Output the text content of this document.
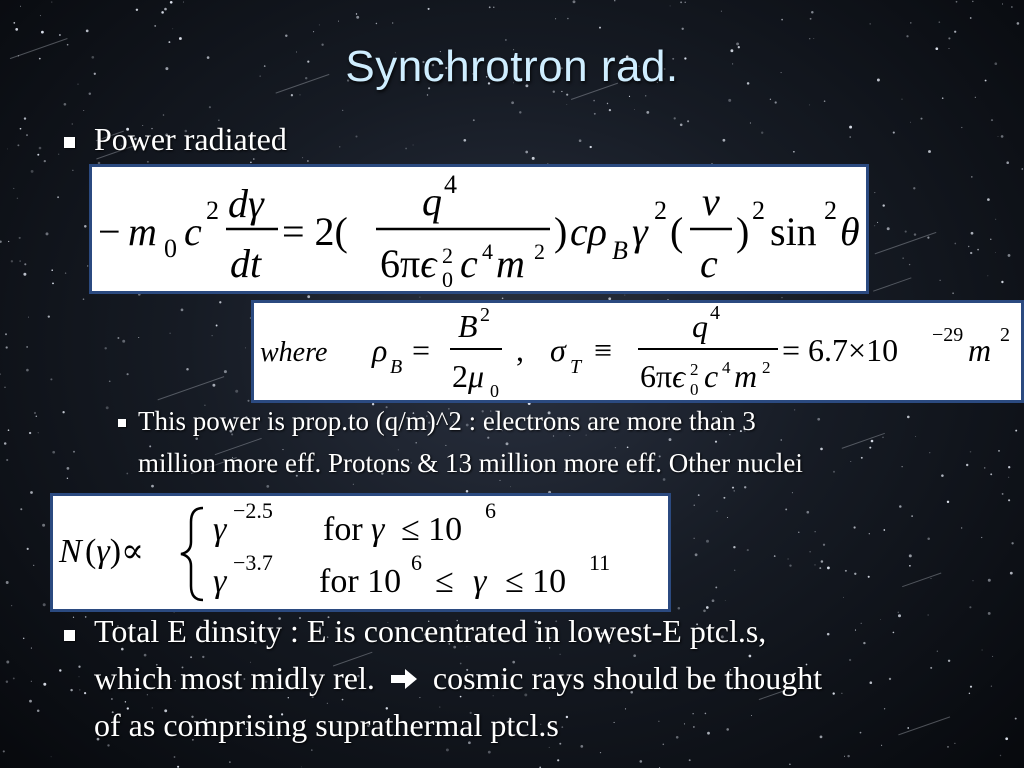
Synchrotron rad.
Power radiated
− m 0 c 2 dγ
dt
= 2(
q 4
6πϵ 2
0 c 4 m 2 ) cρ B γ 2 (
v
c
) 2 sin 2 θ
where ρ B =
B 2
2μ 0
, σ T ≡
q 4
6πϵ 2
0 c 4 m 2 = 6.7×10 −29 m 2
This power is prop.to (q/m)^2 : electrons are more than 3
million more eff. Protons & 13 million more eff. Other nuclei
N (γ)∝
γ
−2.5
for γ ≤ 10
6
γ
−3.7
for 10
6
≤ γ ≤ 10
11
Total E dinsity : E is concentrated in lowest-E ptcl.s,
which most midly rel. cosmic rays should be thought
of as comprising suprathermal ptcl.s
